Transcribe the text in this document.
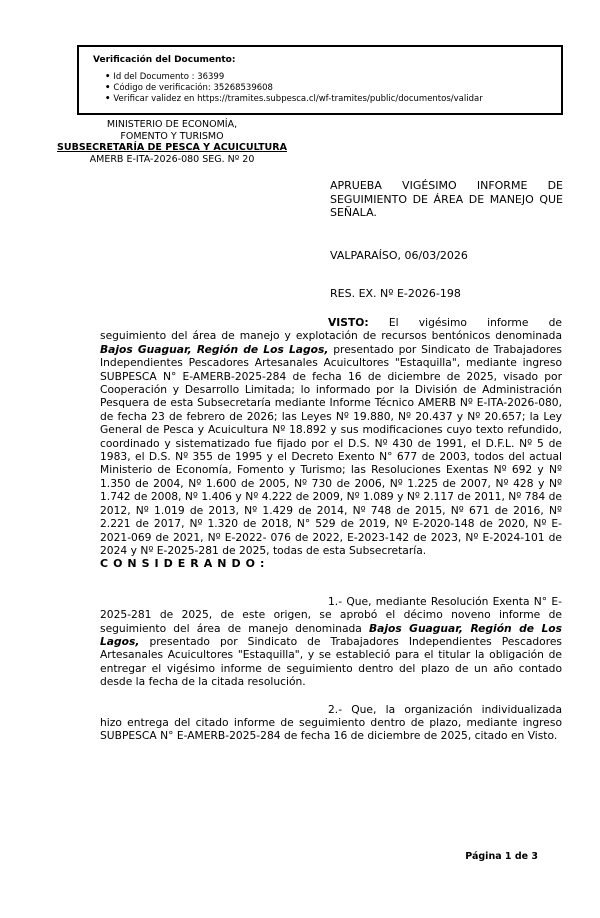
Verificación del Documento:

• Id del Documento : 36399
• Código de verificación: 35268539608
• Verificar validez en https://tramites.subpesca.cl/wf-tramites/public/documentos/validar
MINISTERIO DE ECONOMÍA,
FOMENTO Y TURISMO
SUBSECRETARÍA DE PESCA Y ACUICULTURA
AMERB E-ITA-2026-080 SEG. Nº 20
APRUEBA VIGÉSIMO INFORME DE SEGUIMIENTO DE ÁREA DE MANEJO QUE SEÑALA.
VALPARAÍSO, 06/03/2026
RES. EX. Nº E-2026-198

VISTO: El vigésimo informe de seguimiento del área de manejo y explotación de recursos bentónicos denominada Bajos Guaguar, Región de Los Lagos, presentado por Sindicato de Trabajadores Independientes Pescadores Artesanales Acuicultores "Estaquilla", mediante ingreso SUBPESCA N° E-AMERB-2025-284 de fecha 16 de diciembre de 2025, visado por Cooperación y Desarrollo Limitada; lo informado por la División de Administración Pesquera de esta Subsecretaría mediante Informe Técnico AMERB Nº E-ITA-2026-080, de fecha 23 de febrero de 2026; las Leyes Nº 19.880, Nº 20.437 y Nº 20.657; la Ley General de Pesca y Acuicultura Nº 18.892 y sus modificaciones cuyo texto refundido, coordinado y sistematizado fue fijado por el D.S. Nº 430 de 1991, el D.F.L. Nº 5 de 1983, el D.S. Nº 355 de 1995 y el Decreto Exento N° 677 de 2003, todos del actual Ministerio de Economía, Fomento y Turismo; las Resoluciones Exentas Nº 692 y Nº 1.350 de 2004, Nº 1.600 de 2005, Nº 730 de 2006, Nº 1.225 de 2007, Nº 428 y Nº 1.742 de 2008, Nº 1.406 y Nº 4.222 de 2009, Nº 1.089 y Nº 2.117 de 2011, Nº 784 de 2012, Nº 1.019 de 2013, Nº 1.429 de 2014, Nº 748 de 2015, Nº 671 de 2016, Nº 2.221 de 2017, Nº 1.320 de 2018, N° 529 de 2019, Nº E-2020-148 de 2020, Nº E-2021-069 de 2021, Nº E-2022- 076 de 2022, E-2023-142 de 2023, Nº E-2024-101 de 2024 y Nº E-2025-281 de 2025, todas de esta Subsecretaría.

CONSIDERANDO:

1.- Que, mediante Resolución Exenta N° E-2025-281 de 2025, de este origen, se aprobó el décimo noveno informe de seguimiento del área de manejo denominada Bajos Guaguar, Región de Los Lagos, presentado por Sindicato de Trabajadores Independientes Pescadores Artesanales Acuicultores "Estaquilla", y se estableció para el titular la obligación de entregar el vigésimo informe de seguimiento dentro del plazo de un año contado desde la fecha de la citada resolución.

2.- Que, la organización individualizada hizo entrega del citado informe de seguimiento dentro de plazo, mediante ingreso SUBPESCA N° E-AMERB-2025-284 de fecha 16 de diciembre de 2025, citado en Visto.

Página 1 de 3
